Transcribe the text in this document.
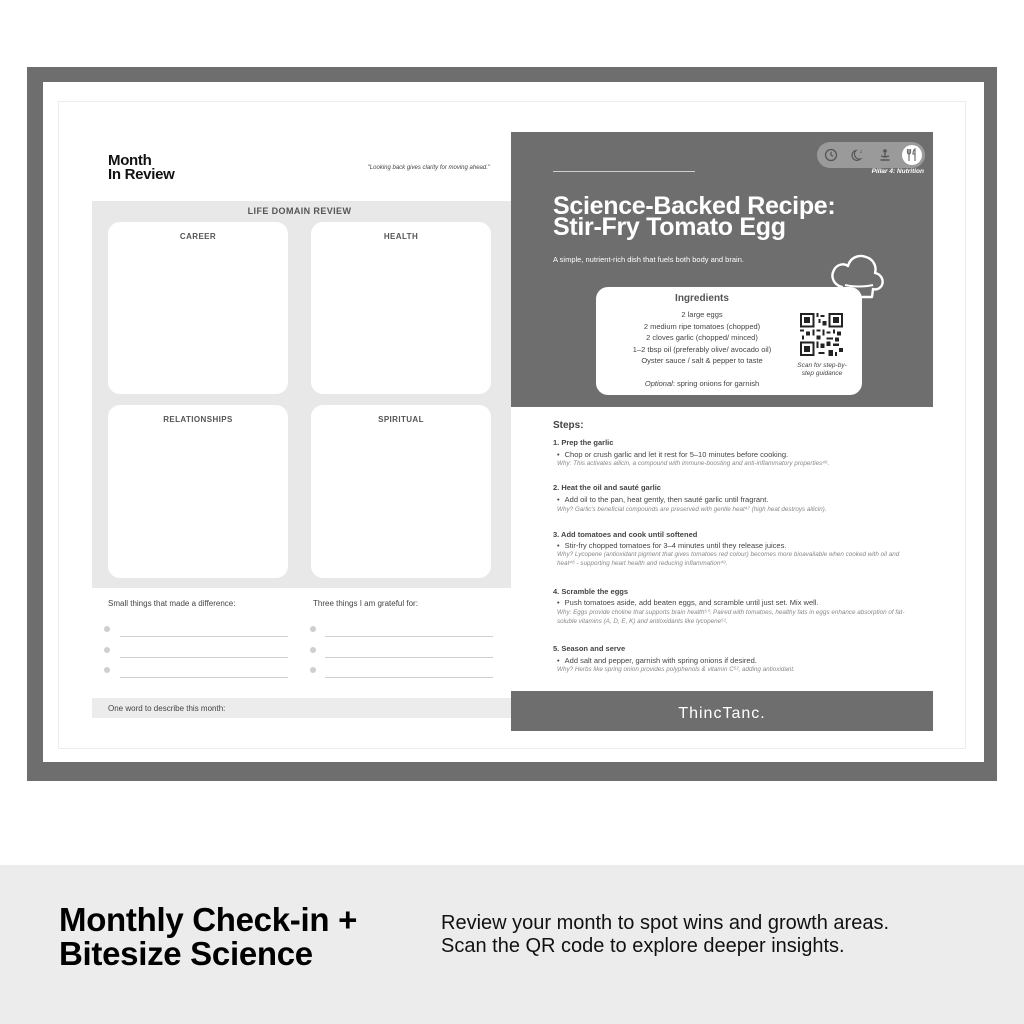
Month
In Review	"Looking back gives clarity for moving ahead."
LIFE DOMAIN REVIEW
CAREER	HEALTH
RELATIONSHIPS	SPIRITUAL
Small things that made a difference:	Three things I am grateful for:
One word to describe this month:
z
Pillar 4: Nutrition
Science-Backed Recipe:
Stir-Fry Tomato Egg
A simple, nutrient-rich dish that fuels both body and brain.
Ingredients
2 large eggs
2 medium ripe tomatoes (chopped)
2 cloves garlic (chopped/ minced)
1–2 tbsp oil (preferably olive/ avocado oil)
Oyster sauce / salt & pepper to taste
Optional: spring onions for garnish
Scan for step-by-step guidance
Steps:
1. Prep the garlic
• Chop or crush garlic and let it rest for 5–10 minutes before cooking.
Why: This activates allicin, a compound with immune-boosting and anti-inflammatory properties⁴⁶.
2. Heat the oil and sauté garlic
• Add oil to the pan, heat gently, then sauté garlic until fragrant.
Why? Garlic's beneficial compounds are preserved with gentle heat⁴⁷ (high heat destroys allicin).
3. Add tomatoes and cook until softened
• Stir-fry chopped tomatoes for 3–4 minutes until they release juices.
Why? Lycopene (antioxidant pigment that gives tomatoes red colour) becomes more bioavailable when cooked with oil and heat⁴⁸ - supporting heart health and reducing inflammation⁴⁹.
4. Scramble the eggs
• Push tomatoes aside, add beaten eggs, and scramble until just set. Mix well.
Why: Eggs provide choline that supports brain health⁵⁰. Paired with tomatoes, healthy fats in eggs enhance absorption of fat-soluble vitamins (A, D, E, K) and antioxidants like lycopene⁵¹.
5. Season and serve
• Add salt and pepper, garnish with spring onions if desired.
Why? Herbs like spring onion provides polyphenols & vitamin C⁵², adding antioxidant.
ThincTanc.
Monthly Check-in +
Bitesize Science
Review your month to spot wins and growth areas.
Scan the QR code to explore deeper insights.
